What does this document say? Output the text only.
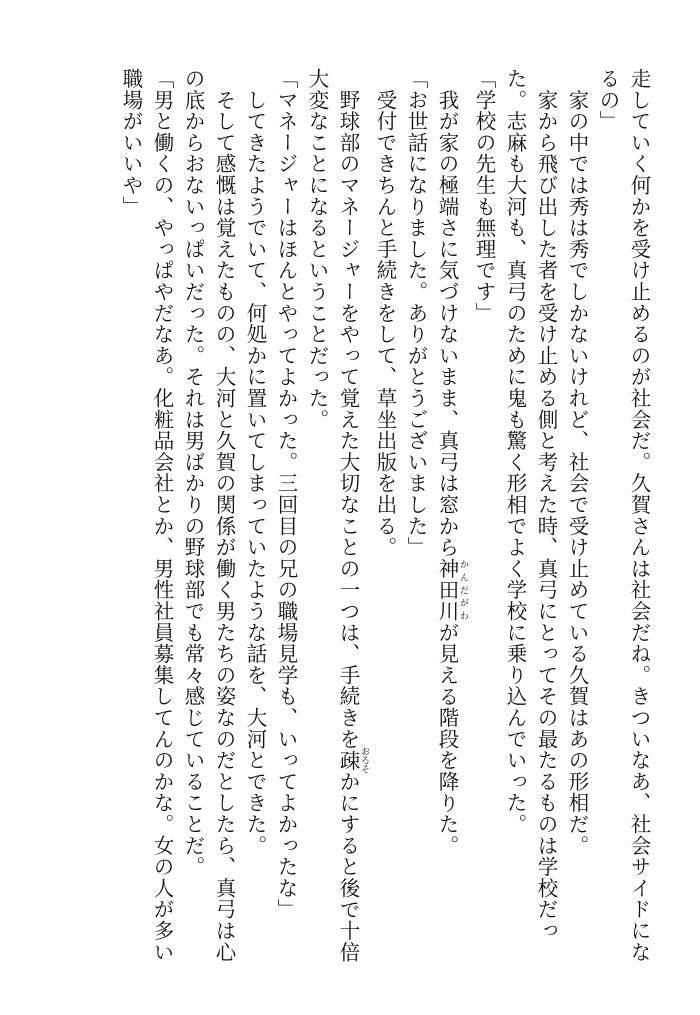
走していく何かを受け止めるのが社会だ。久賀さんは社会だね。きついなあ、社会サイドにな
るの」
　家の中では秀は秀でしかないけれど、社会で受け止めている久賀はあの形相だ。
　家から飛び出した者を受け止める側と考えた時、真弓にとってその最たるものは学校だっ
た。志麻も大河も、真弓のために鬼も驚く形相でよく学校に乗り込んでいった。
「学校の先生も無理です」
　我が家の極端さに気づけないまま、真弓は窓から神田川 かんだがわが見える階段を降りた。
「お世話になりました。ありがとうございました」
　受付できちんと手続きをして、草坐出版を出る。
　野球部のマネージャーをやって覚えた大切なことの一つは、手続きを疎 おろそかにすると後で十倍
大変なことになるということだった。
「マネージャーはほんとやってよかった。三回目の兄の職場見学も、いってよかったな」
　してきたようでいて、何処かに置いてしまっていたような話を、大河とできた。
　そして感慨は覚えたものの、大河と久賀の関係が働く男たちの姿なのだとしたら、真弓は心
の底からおないっぱいだった。それは男ばかりの野球部でも常々感じていることだ。
「男と働くの、やっぱやだなあ。化粧品会社とか、男性社員募集してんのかな。女の人が多い
職場がいいや」
